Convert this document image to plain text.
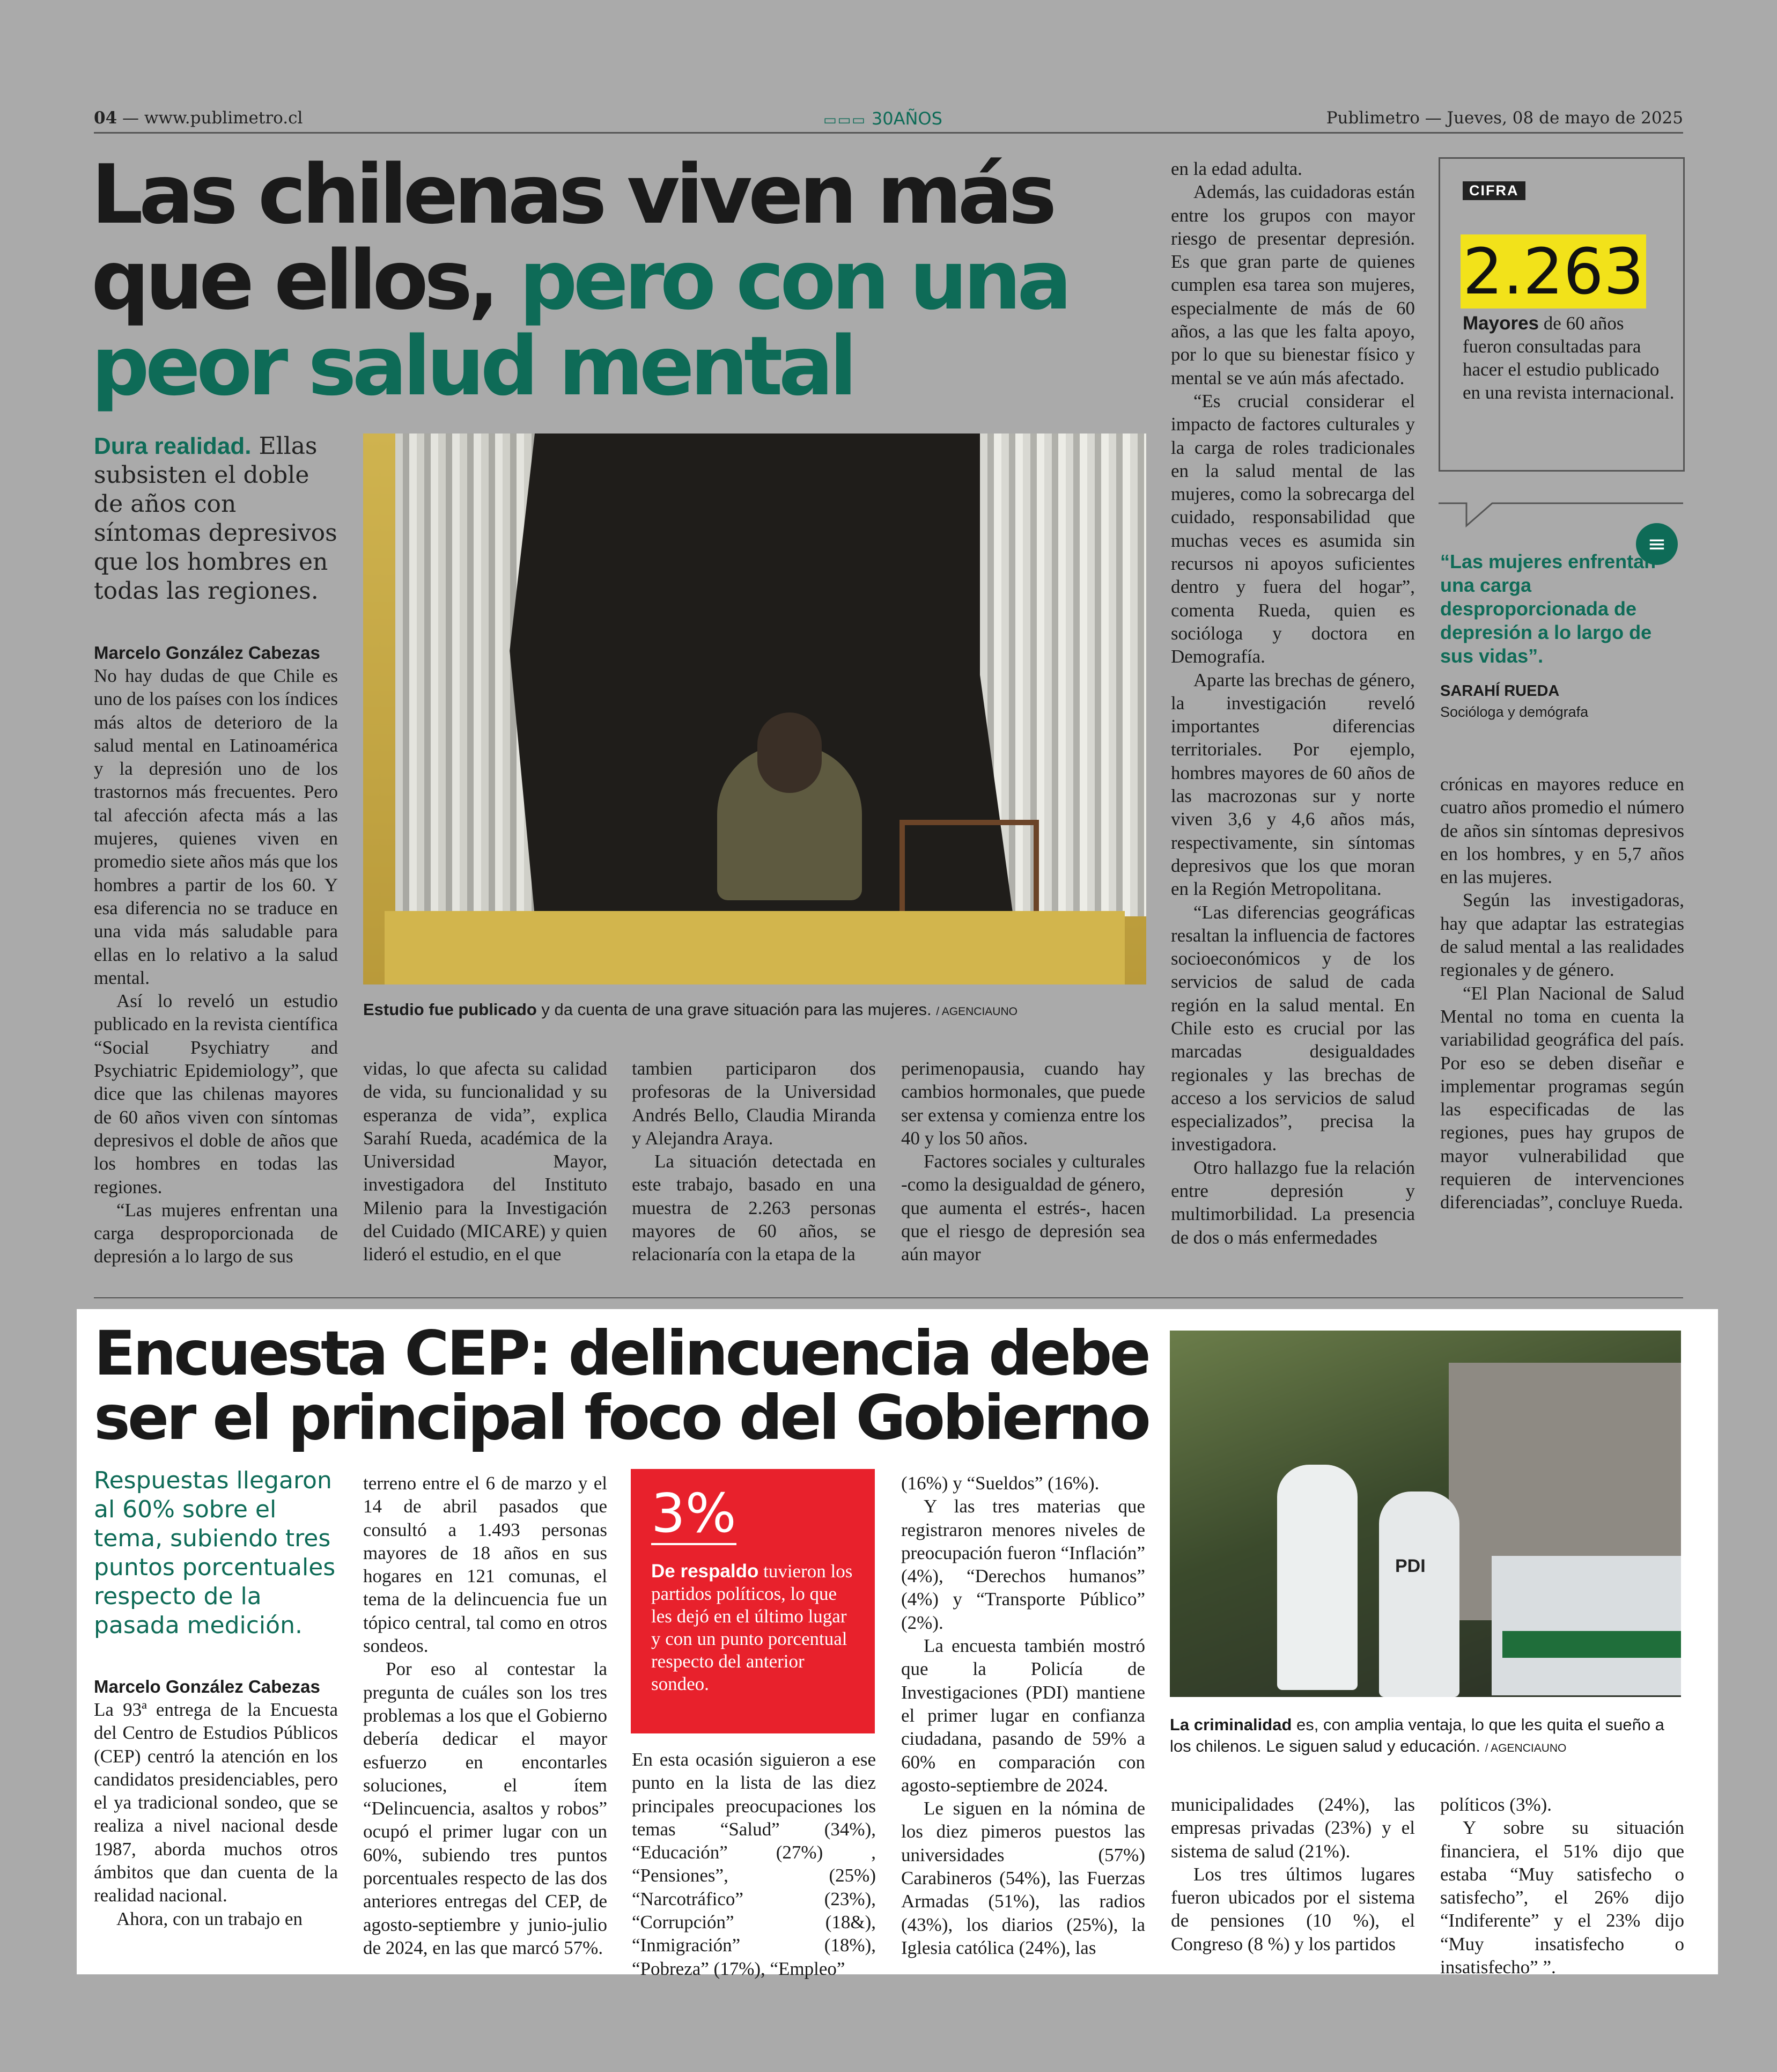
04 — www.publimetro.cl	▭▭▭ 30AÑOS	Publimetro — Jueves, 08 de mayo de 2025
Las chilenas viven más que ellos, pero con una peor salud mental
Dura realidad. Ellas subsisten el doble de años con síntomas depresivos que los hombres en todas las regiones.
Marcelo González Cabezas

No hay dudas de que Chile es uno de los países con los índices más altos de deterioro de la salud mental en Latinoamérica y la depresión uno de los trastornos más frecuentes. Pero tal afección afecta más a las mujeres, quienes viven en promedio siete años más que los hombres a partir de los 60. Y esa diferencia no se traduce en una vida más saludable para ellas en lo relativo a la salud mental.

Así lo reveló un estudio publicado en la revista científica “Social Psychiatry and Psychiatric Epidemiology”, que dice que las chilenas mayores de 60 años viven con síntomas depresivos el doble de años que los hombres en todas las regiones.

“Las mujeres enfrentan una carga desproporcionada de depresión a lo largo de sus

Estudio fue publicado y da cuenta de una grave situación para las mujeres. / AGENCIAUNO

vidas, lo que afecta su calidad de vida, su funcionalidad y su esperanza de vida”, explica Sarahí Rueda, académica de la Universidad Mayor, investigadora del Instituto Milenio para la Investigación del Cuidado (MICARE) y quien lideró el estudio, en el que

tambien participaron dos profesoras de la Universidad Andrés Bello, Claudia Miranda y Alejandra Araya.

La situación detectada en este trabajo, basado en una muestra de 2.263 personas mayores de 60 años, se relacionaría con la etapa de la

perimenopausia, cuando hay cambios hormonales, que puede ser extensa y comienza entre los 40 y los 50 años.

Factores sociales y culturales -como la desigualdad de género, que aumenta el estrés-, hacen que el riesgo de depresión sea aún mayor

en la edad adulta.

Además, las cuidadoras están entre los grupos con mayor riesgo de presentar depresión. Es que gran parte de quienes cumplen esa tarea son mujeres, especialmente de más de 60 años, a las que les falta apoyo, por lo que su bienestar físico y mental se ve aún más afectado.

“Es crucial considerar el impacto de factores culturales y la carga de roles tradicionales en la salud mental de las mujeres, como la sobrecarga del cuidado, responsabilidad que muchas veces es asumida sin recursos ni apoyos suficientes dentro y fuera del hogar”, comenta Rueda, quien es socióloga y doctora en Demografía.

Aparte las brechas de género, la investigación reveló importantes diferencias territoriales. Por ejemplo, hombres mayores de 60 años de las macrozonas sur y norte viven 3,6 y 4,6 años más, respectivamente, sin síntomas depresivos que los que moran en la Región Metropolitana.

“Las diferencias geográficas resaltan la influencia de factores socioeconómicos y de los servicios de salud de cada región en la salud mental. En Chile esto es crucial por las marcadas desigualdades regionales y las brechas de acceso a los servicios de salud especializados”, precisa la investigadora.

Otro hallazgo fue la relación entre depresión y multimorbilidad. La presencia de dos o más enfermedades

crónicas en mayores reduce en cuatro años promedio el número de años sin síntomas depresivos en los hombres, y en 5,7 años en las mujeres.

Según las investigadoras, hay que adaptar las estrategias de salud mental a las realidades regionales y de género.

“El Plan Nacional de Salud Mental no toma en cuenta la variabilidad geográfica del país. Por eso se deben diseñar e implementar programas según las especificadas de las regiones, pues hay grupos de mayor vulnerabilidad que requieren de intervenciones diferenciadas”, concluye Rueda.

CIFRA
2.263
Mayores de 60 años fueron consultadas para hacer el estudio publicado en una revista internacional.
≡
“Las mujeres enfrentan una carga desproporcionada de depresión a lo largo de sus vidas”.
SARAHÍ RUEDA
Socióloga y demógrafa
Encuesta CEP: delincuencia debe ser el principal foco del Gobierno
Respuestas llegaron al 60% sobre el tema, subiendo tres puntos porcentuales respecto de la pasada medición.
Marcelo González Cabezas

La 93ª entrega de la Encuesta del Centro de Estudios Públicos (CEP) centró la atención en los candidatos presidenciables, pero el ya tradicional sondeo, que se realiza a nivel nacional desde 1987, aborda muchos otros ámbitos que dan cuenta de la realidad nacional.

Ahora, con un trabajo en

terreno entre el 6 de marzo y el 14 de abril pasados que consultó a 1.493 personas mayores de 18 años en sus hogares en 121 comunas, el tema de la delincuencia fue un tópico central, tal como en otros sondeos.

Por eso al contestar la pregunta de cuáles son los tres problemas a los que el Gobierno debería dedicar el mayor esfuerzo en encontarles soluciones, el ítem “Delincuencia, asaltos y robos” ocupó el primer lugar con un 60%, subiendo tres puntos porcentuales respecto de las dos anteriores entregas del CEP, de agosto-septiembre y junio-julio de 2024, en las que marcó 57%.

3%
De respaldo tuvieron los partidos políticos, lo que les dejó en el último lugar y con un punto porcentual respecto del anterior sondeo.

En esta ocasión siguieron a ese punto en la lista de las diez principales preocupaciones los temas “Salud” (34%), “Educación” (27%) , “Pensiones”, (25%) “Narcotráfico” (23%), “Corrupción” (18&), “Inmigración” (18%), “Pobreza” (17%), “Empleo”

(16%) y “Sueldos” (16%).

Y las tres materias que registraron menores niveles de preocupación fueron “Inflación” (4%), “Derechos humanos” (4%) y “Transporte Público” (2%).

La encuesta también mostró que la Policía de Investigaciones (PDI) mantiene el primer lugar en confianza ciudadana, pasando de 59% a 60% en comparación con agosto-septiembre de 2024.

Le siguen en la nómina de los diez pimeros puestos las universidades (57%) Carabineros (54%), las Fuerzas Armadas (51%), las radios (43%), los diarios (25%), la Iglesia católica (24%), las

PDI
La criminalidad es, con amplia ventaja, lo que les quita el sueño a los chilenos. Le siguen salud y educación. / AGENCIAUNO

municipalidades (24%), las empresas privadas (23%) y el sistema de salud (21%).

Los tres últimos lugares fueron ubicados por el sistema de pensiones (10 %), el Congreso (8 %) y los partidos

políticos (3%).

Y sobre su situación financiera, el 51% dijo que estaba “Muy satisfecho o satisfecho”, el 26% dijo “Indiferente” y el 23% dijo “Muy insatisfecho o insatisfecho” ”.
